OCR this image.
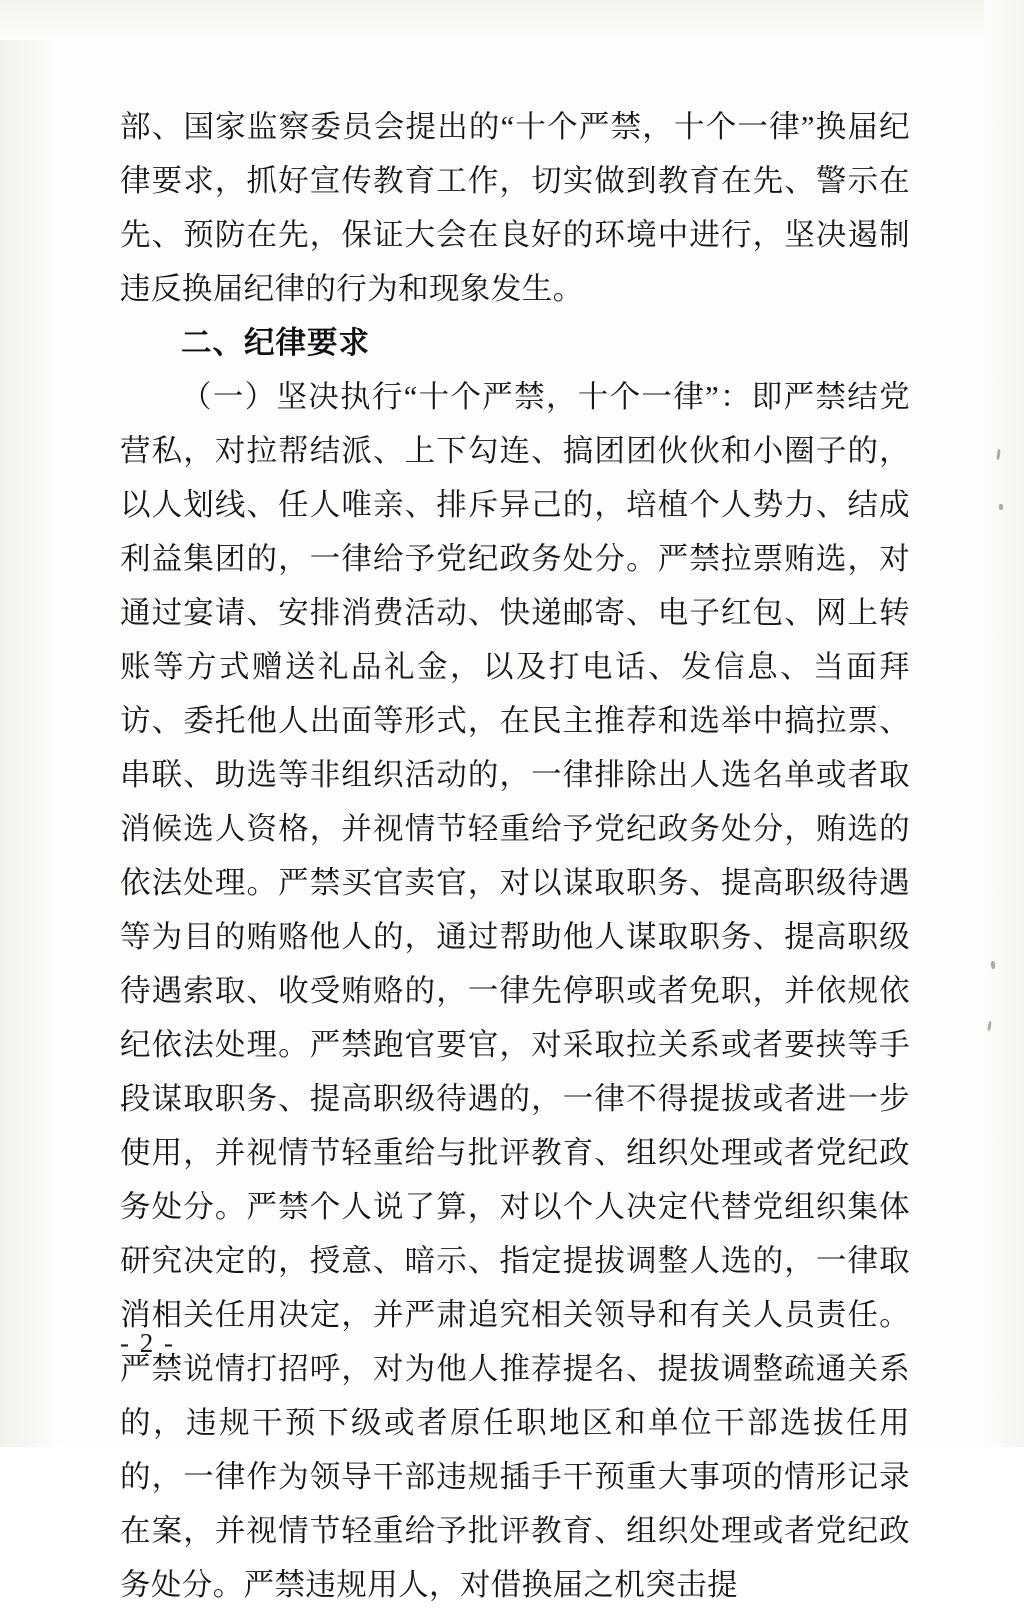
部、国家监察委员会提出的“十个严禁，十个一律”换届纪律要求，抓好宣传教育工作，切实做到教育在先、警示在先、预防在先，保证大会在良好的环境中进行，坚决遏制违反换届纪律的行为和现象发生。

二、纪律要求

（一）坚决执行“十个严禁，十个一律”：即严禁结党营私，对拉帮结派、上下勾连、搞团团伙伙和小圈子的，以人划线、任人唯亲、排斥异己的，培植个人势力、结成利益集团的，一律给予党纪政务处分。严禁拉票贿选，对通过宴请、安排消费活动、快递邮寄、电子红包、网上转账等方式赠送礼品礼金，以及打电话、发信息、当面拜访、委托他人出面等形式，在民主推荐和选举中搞拉票、串联、助选等非组织活动的，一律排除出人选名单或者取消候选人资格，并视情节轻重给予党纪政务处分，贿选的依法处理。严禁买官卖官，对以谋取职务、提高职级待遇等为目的贿赂他人的，通过帮助他人谋取职务、提高职级待遇索取、收受贿赂的，一律先停职或者免职，并依规依纪依法处理。严禁跑官要官，对采取拉关系或者要挟等手段谋取职务、提高职级待遇的，一律不得提拔或者进一步使用，并视情节轻重给与批评教育、组织处理或者党纪政务处分。严禁个人说了算，对以个人决定代替党组织集体研究决定的，授意、暗示、指定提拔调整人选的，一律取消相关任用决定，并严肃追究相关领导和有关人员责任。严禁说情打招呼，对为他人推荐提名、提拔调整疏通关系的，违规干预下级或者原任职地区和单位干部选拔任用的，一律作为领导干部违规插手干预重大事项的情形记录在案，并视情节轻重给予批评教育、组织处理或者党纪政务处分。严禁违规用人，对借换届之机突击提

- 2 -
